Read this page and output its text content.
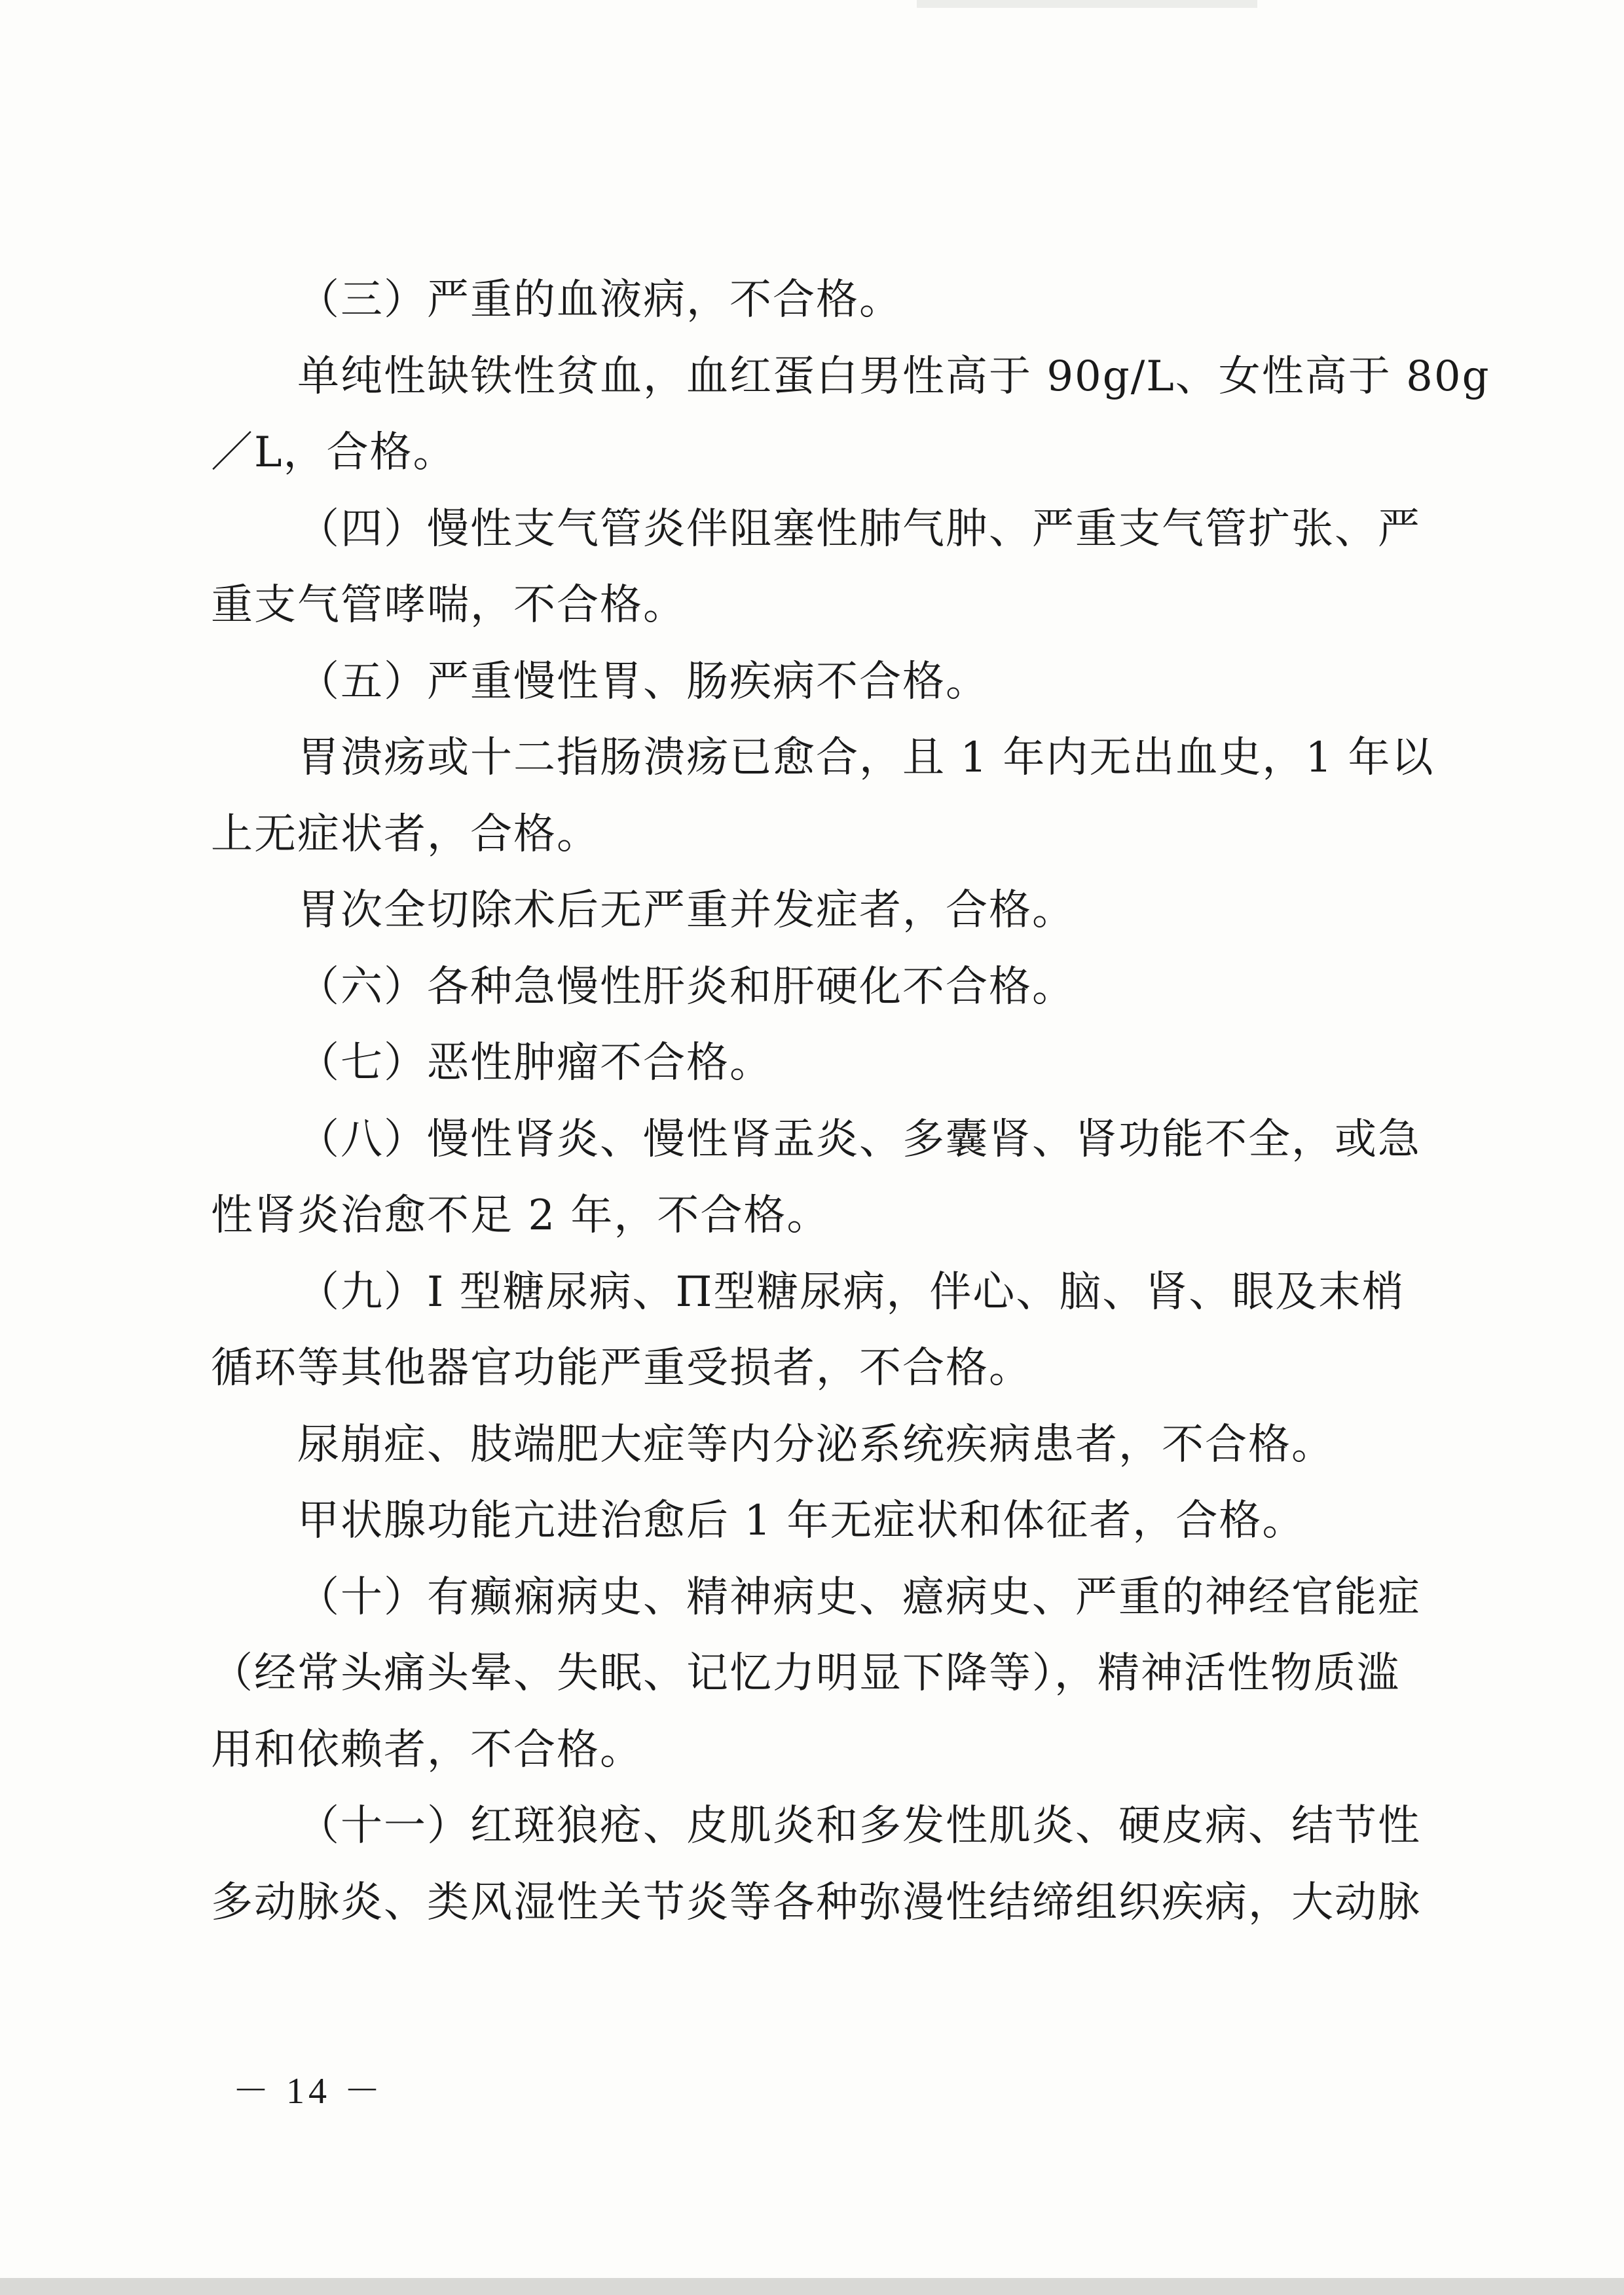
（三）严重的血液病，不合格。
单纯性缺铁性贫血，血红蛋白男性高于 90g/L、女性高于 80g
／L，合格。
（四）慢性支气管炎伴阻塞性肺气肿、严重支气管扩张、严
重支气管哮喘，不合格。
（五）严重慢性胃、肠疾病不合格。
胃溃疡或十二指肠溃疡已愈合，且 1 年内无出血史，1 年以
上无症状者，合格。
胃次全切除术后无严重并发症者，合格。
（六）各种急慢性肝炎和肝硬化不合格。
（七）恶性肿瘤不合格。
（八）慢性肾炎、慢性肾盂炎、多囊肾、肾功能不全，或急
性肾炎治愈不足 2 年，不合格。
（九）I 型糖尿病、Π型糖尿病，伴心、脑、肾、眼及末梢
循环等其他器官功能严重受损者，不合格。
尿崩症、肢端肥大症等内分泌系统疾病患者，不合格。
甲状腺功能亢进治愈后 1 年无症状和体征者，合格。
（十）有癫痫病史、精神病史、癔病史、严重的神经官能症
（经常头痛头晕、失眠、记忆力明显下降等），精神活性物质滥
用和依赖者，不合格。
（十一）红斑狼疮、皮肌炎和多发性肌炎、硬皮病、结节性
多动脉炎、类风湿性关节炎等各种弥漫性结缔组织疾病，大动脉
－ 14 －
